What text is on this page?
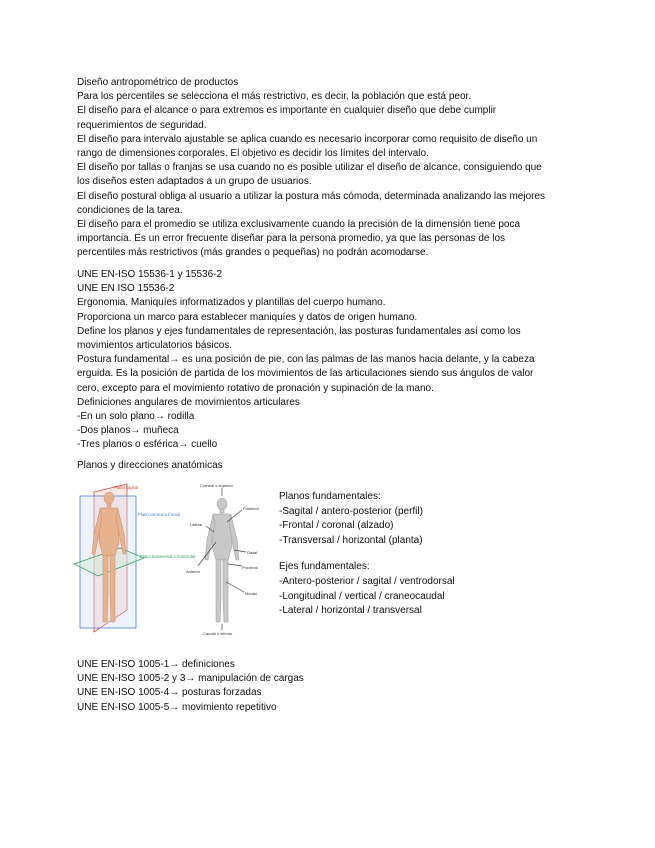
Diseño antropométrico de productos

Para los percentiles se selecciona el más restrictivo, es decir, la población que está peor.

El diseño para el alcance o para extremos es importante en cualquier diseño que debe cumplir

requerimientos de seguridad.

El diseño para intervalo ajustable se aplica cuando es necesario incorporar como requisito de diseño un

rango de dimensiones corporales. El objetivo es decidir los límites del intervalo.

El diseño por tallas o franjas se usa cuando no es posible utilizar el diseño de alcance, consiguiendo que

los diseños esten adaptados a un grupo de usuarios.

El diseño postural obliga al usuario a utilizar la postura más cómoda, determinada analizando las mejores

condiciones de la tarea.

El diseño para el promedio se utiliza exclusivamente cuando la precisión de la dimensión tiene poca

importancia. Es un error frecuente diseñar para la persona promedio, ya que las personas de los

percentiles más restrictivos (más grandes o pequeñas) no podrán acomodarse.

UNE EN-ISO 15536-1 y 15536-2

UNE EN ISO 15536-2

Ergonomia. Maniquíes informatizados y plantillas del cuerpo humano.

Proporciona un marco para establecer maniquíes y datos de origen humano.

Define los planos y ejes fundamentales de representación, las posturas fundamentales así como los

movimientos articulatorios básicos.

Postura fundamental→ es una posición de pie, con las palmas de las manos hacia delante, y la cabeza

erguida. Es la posición de partida de los movimientos de las articulaciones siendo sus ángulos de valor

cero, excepto para el movimiento rotativo de pronación y supinación de la mano.

Definiciones angulares de movimientos articulares

-En un solo plano→ rodilla

-Dos planos→ muñeca

-Tres planos o esférica→ cuello

Planos y direcciones anatómicas

Plano sagital
Plano coronal o frontal
Plano transversal u horizontal
Craneal o superior
Posterior
Lateral
Distal
Anterior
Proximal
Medial
Caudal o inferior

Planos fundamentales:

-Sagital / antero-posterior (perfil)

-Frontal / coronal (alzado)

-Transversal / horizontal (planta)

Ejes fundamentales:

-Antero-posterior / sagital / ventrodorsal

-Longitudinal / vertical / craneocaudal

-Lateral / horizontal / transversal

UNE EN-ISO 1005-1→ definiciones

UNE EN-ISO 1005-2 y 3→ manipulación de cargas

UNE EN-ISO 1005-4→ posturas forzadas

UNE EN-ISO 1005-5→ movimiento repetitivo
